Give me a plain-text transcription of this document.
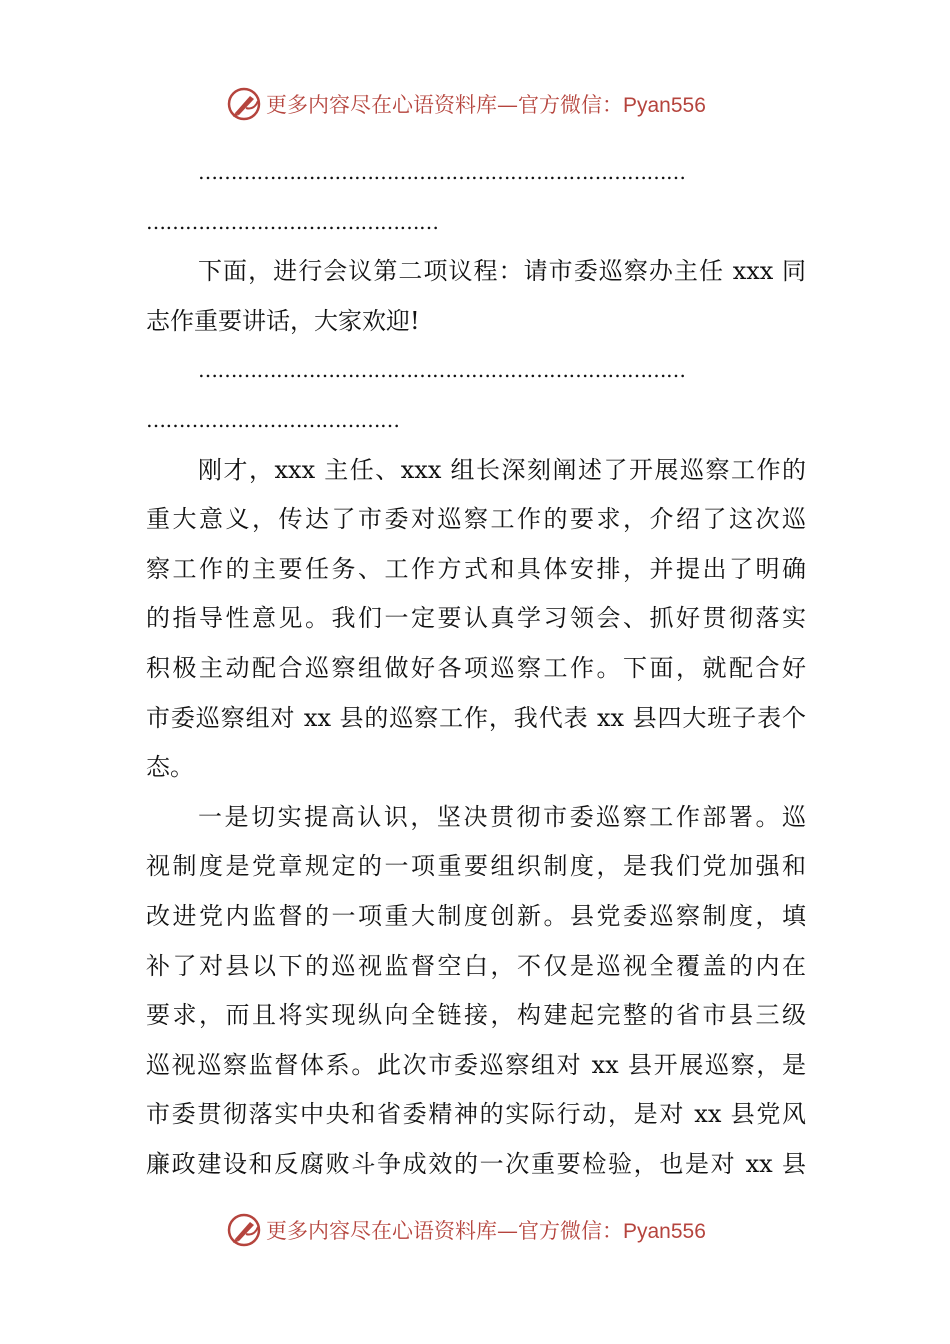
更多内容尽在心语资料库—官方微信：Pyan556
…………………………………………………………………
………………………………………
下面，进行会议第二项议程：请市委巡察办主任 xxx 同
志作重要讲话，大家欢迎!
…………………………………………………………………
…………………………………
刚才，xxx 主任、xxx 组长深刻阐述了开展巡察工作的
重大意义，传达了市委对巡察工作的要求，介绍了这次巡
察工作的主要任务、工作方式和具体安排，并提出了明确
的指导性意见。我们一定要认真学习领会、抓好贯彻落实
积极主动配合巡察组做好各项巡察工作。下面，就配合好
市委巡察组对 xx 县的巡察工作，我代表 xx 县四大班子表个
态。
一是切实提高认识，坚决贯彻市委巡察工作部署。巡
视制度是党章规定的一项重要组织制度，是我们党加强和
改进党内监督的一项重大制度创新。县党委巡察制度，填
补了对县以下的巡视监督空白，不仅是巡视全覆盖的内在
要求，而且将实现纵向全链接，构建起完整的省市县三级
巡视巡察监督体系。此次市委巡察组对 xx 县开展巡察，是
市委贯彻落实中央和省委精神的实际行动，是对 xx 县党风
廉政建设和反腐败斗争成效的一次重要检验，也是对 xx 县
更多内容尽在心语资料库—官方微信：Pyan556
